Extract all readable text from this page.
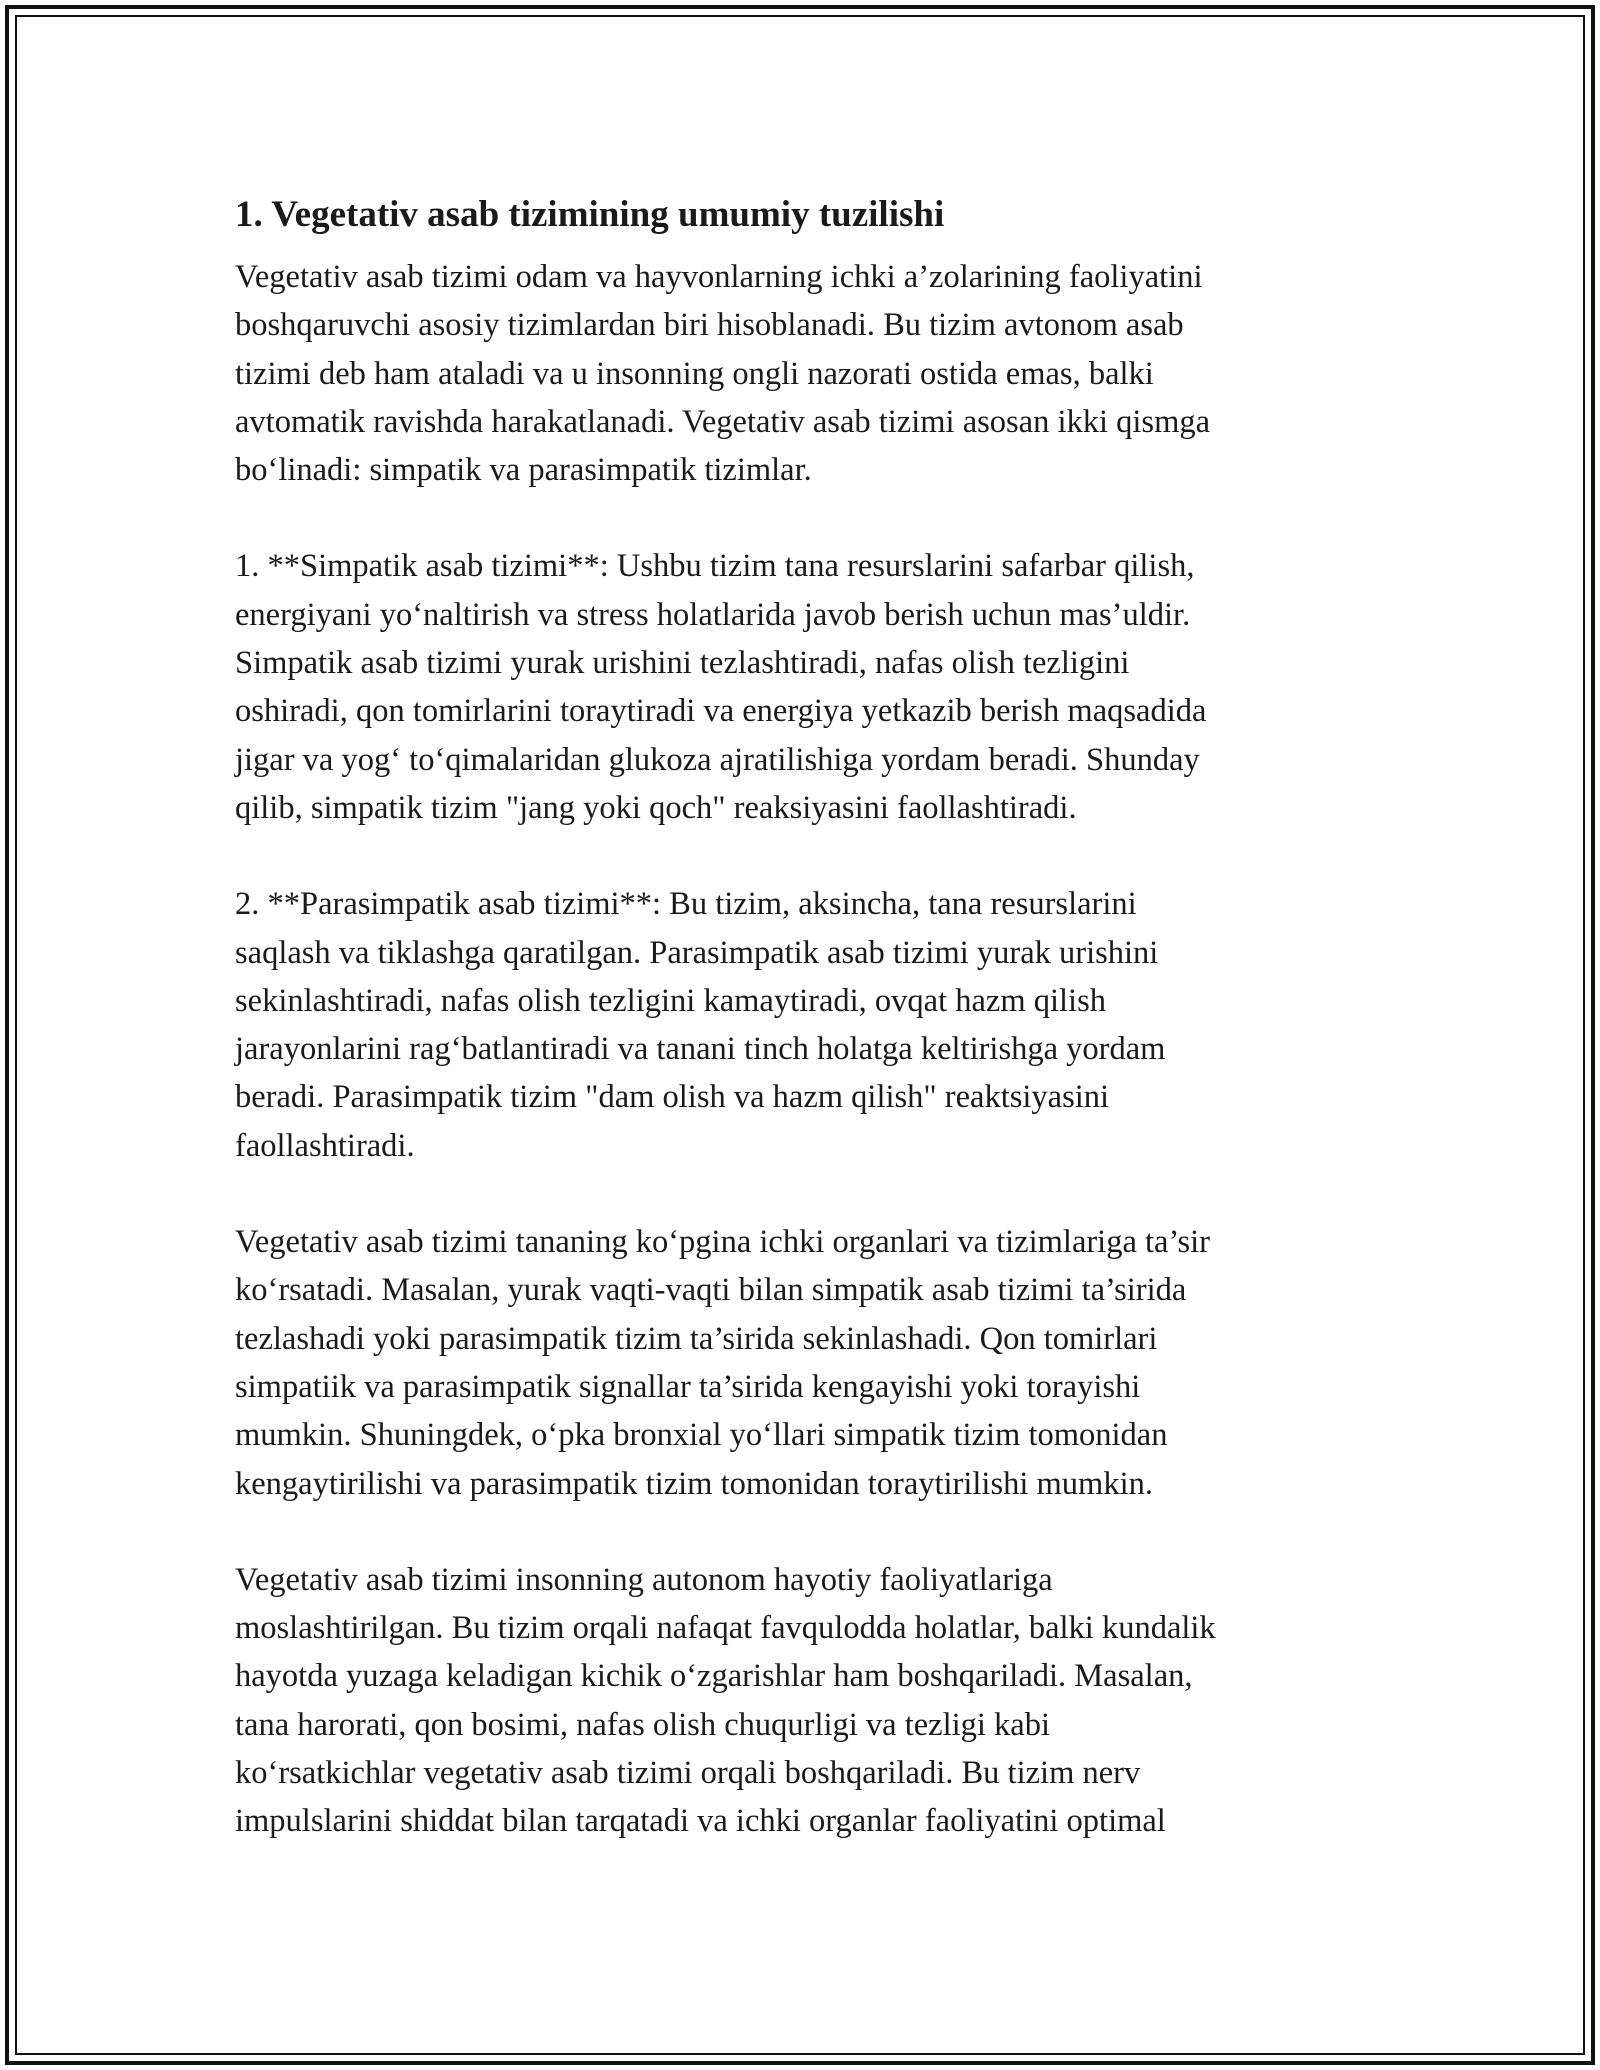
1. Vegetativ asab tizimining umumiy tuzilishi
Vegetativ asab tizimi odam va hayvonlarning ichki a’zolarining faoliyatini
boshqaruvchi asosiy tizimlardan biri hisoblanadi. Bu tizim avtonom asab
tizimi deb ham ataladi va u insonning ongli nazorati ostida emas, balki
avtomatik ravishda harakatlanadi. Vegetativ asab tizimi asosan ikki qismga
bo‘linadi: simpatik va parasimpatik tizimlar.
1. **Simpatik asab tizimi**: Ushbu tizim tana resurslarini safarbar qilish,
energiyani yo‘naltirish va stress holatlarida javob berish uchun mas’uldir.
Simpatik asab tizimi yurak urishini tezlashtiradi, nafas olish tezligini
oshiradi, qon tomirlarini toraytiradi va energiya yetkazib berish maqsadida
jigar va yog‘ to‘qimalaridan glukoza ajratilishiga yordam beradi. Shunday
qilib, simpatik tizim "jang yoki qoch" reaksiyasini faollashtiradi.
2. **Parasimpatik asab tizimi**: Bu tizim, aksincha, tana resurslarini
saqlash va tiklashga qaratilgan. Parasimpatik asab tizimi yurak urishini
sekinlashtiradi, nafas olish tezligini kamaytiradi, ovqat hazm qilish
jarayonlarini rag‘batlantiradi va tanani tinch holatga keltirishga yordam
beradi. Parasimpatik tizim "dam olish va hazm qilish" reaktsiyasini
faollashtiradi.
Vegetativ asab tizimi tananing ko‘pgina ichki organlari va tizimlariga ta’sir
ko‘rsatadi. Masalan, yurak vaqti-vaqti bilan simpatik asab tizimi ta’sirida
tezlashadi yoki parasimpatik tizim ta’sirida sekinlashadi. Qon tomirlari
simpatiik va parasimpatik signallar ta’sirida kengayishi yoki torayishi
mumkin. Shuningdek, o‘pka bronxial yo‘llari simpatik tizim tomonidan
kengaytirilishi va parasimpatik tizim tomonidan toraytirilishi mumkin.
Vegetativ asab tizimi insonning autonom hayotiy faoliyatlariga
moslashtirilgan. Bu tizim orqali nafaqat favqulodda holatlar, balki kundalik
hayotda yuzaga keladigan kichik o‘zgarishlar ham boshqariladi. Masalan,
tana harorati, qon bosimi, nafas olish chuqurligi va tezligi kabi
ko‘rsatkichlar vegetativ asab tizimi orqali boshqariladi. Bu tizim nerv
impulslarini shiddat bilan tarqatadi va ichki organlar faoliyatini optimal
